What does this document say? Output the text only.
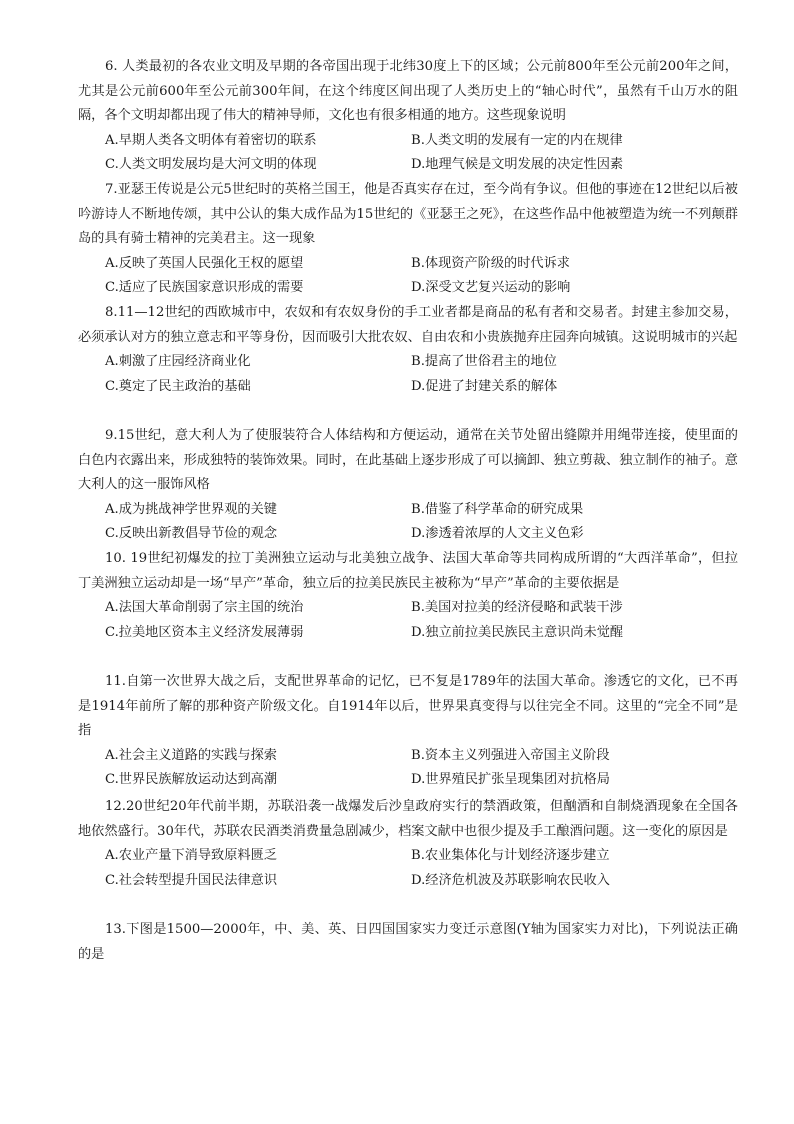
6. 人类最初的各农业文明及早期的各帝国出现于北纬30度上下的区域；公元前800年至公元前200年之间，尤其是公元前600年至公元前300年间，在这个纬度区间出现了人类历史上的“轴心时代”，虽然有千山万水的阻隔，各个文明却都出现了伟大的精神导师，文化也有很多相通的地方。这些现象说明

A.早期人类各文明体有着密切的联系	B.人类文明的发展有一定的内在规律
C.人类文明发展均是大河文明的体现	D.地理气候是文明发展的决定性因素

7.亚瑟王传说是公元5世纪时的英格兰国王，他是否真实存在过，至今尚有争议。但他的事迹在12世纪以后被吟游诗人不断地传颂，其中公认的集大成作品为15世纪的《亚瑟王之死》，在这些作品中他被塑造为统一不列颠群岛的具有骑士精神的完美君主。这一现象

A.反映了英国人民强化王权的愿望	B.体现资产阶级的时代诉求
C.适应了民族国家意识形成的需要	D.深受文艺复兴运动的影响

8.11—12世纪的西欧城市中，农奴和有农奴身份的手工业者都是商品的私有者和交易者。封建主参加交易，必须承认对方的独立意志和平等身份，因而吸引大批农奴、自由农和小贵族抛弃庄园奔向城镇。这说明城市的兴起

A.刺激了庄园经济商业化	B.提高了世俗君主的地位
C.奠定了民主政治的基础	D.促进了封建关系的解体

9.15世纪，意大利人为了使服装符合人体结构和方便运动，通常在关节处留出缝隙并用绳带连接，使里面的白色内衣露出来，形成独特的装饰效果。同时，在此基础上逐步形成了可以摘卸、独立剪裁、独立制作的袖子。意大利人的这一服饰风格

A.成为挑战神学世界观的关键	B.借鉴了科学革命的研究成果
C.反映出新教倡导节俭的观念	D.渗透着浓厚的人文主义色彩

10. 19世纪初爆发的拉丁美洲独立运动与北美独立战争、法国大革命等共同构成所谓的“大西洋革命”，但拉丁美洲独立运动却是一场“早产”革命，独立后的拉美民族民主被称为“早产”革命的主要依据是

A.法国大革命削弱了宗主国的统治	B.美国对拉美的经济侵略和武装干涉
C.拉美地区资本主义经济发展薄弱	D.独立前拉美民族民主意识尚未觉醒

11.自第一次世界大战之后，支配世界革命的记忆，已不复是1789年的法国大革命。渗透它的文化，已不再是1914年前所了解的那种资产阶级文化。自1914年以后，世界果真变得与以往完全不同。这里的“完全不同”是指

A.社会主义道路的实践与探索	B.资本主义列强进入帝国主义阶段
C.世界民族解放运动达到高潮	D.世界殖民扩张呈现集团对抗格局

12.20世纪20年代前半期，苏联沿袭一战爆发后沙皇政府实行的禁酒政策，但酗酒和自制烧酒现象在全国各地依然盛行。30年代，苏联农民酒类消费量急剧减少，档案文献中也很少提及手工酿酒问题。这一变化的原因是

A.农业产量下消导致原料匮乏	B.农业集体化与计划经济逐步建立
C.社会转型提升国民法律意识	D.经济危机波及苏联影响农民收入

13.下图是1500—2000年，中、美、英、日四国国家实力变迁示意图(Y轴为国家实力对比)，下列说法正确的是
